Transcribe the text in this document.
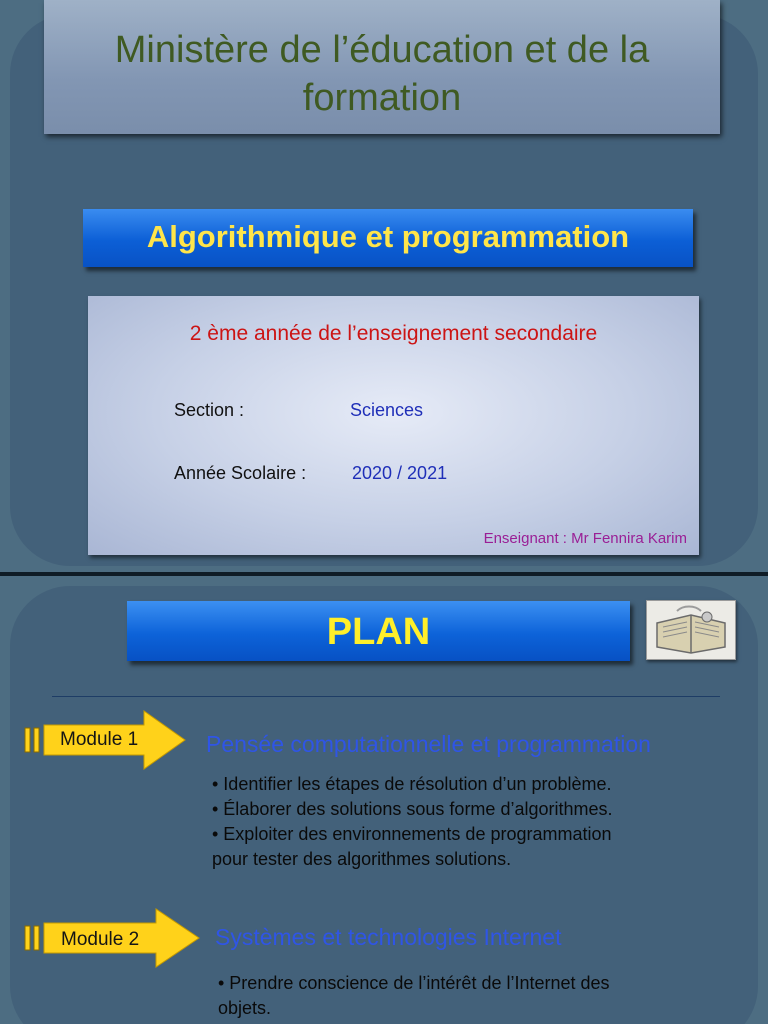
Ministère de l’éducation et de la formation
Algorithmique et programmation
2 ème année de l’enseignement secondaire
Section :	Sciences
Année Scolaire :	2020 / 2021
Enseignant : Mr Fennira Karim
PLAN
Module 1	Pensée computationnelle et programmation
• Identifier les étapes de résolution d’un problème.
• Élaborer des solutions sous forme d’algorithmes.
• Exploiter des environnements de programmation
pour tester des algorithmes solutions.
Module 2	Systèmes et technologies Internet
• Prendre conscience de l’intérêt de l’Internet des
objets.
